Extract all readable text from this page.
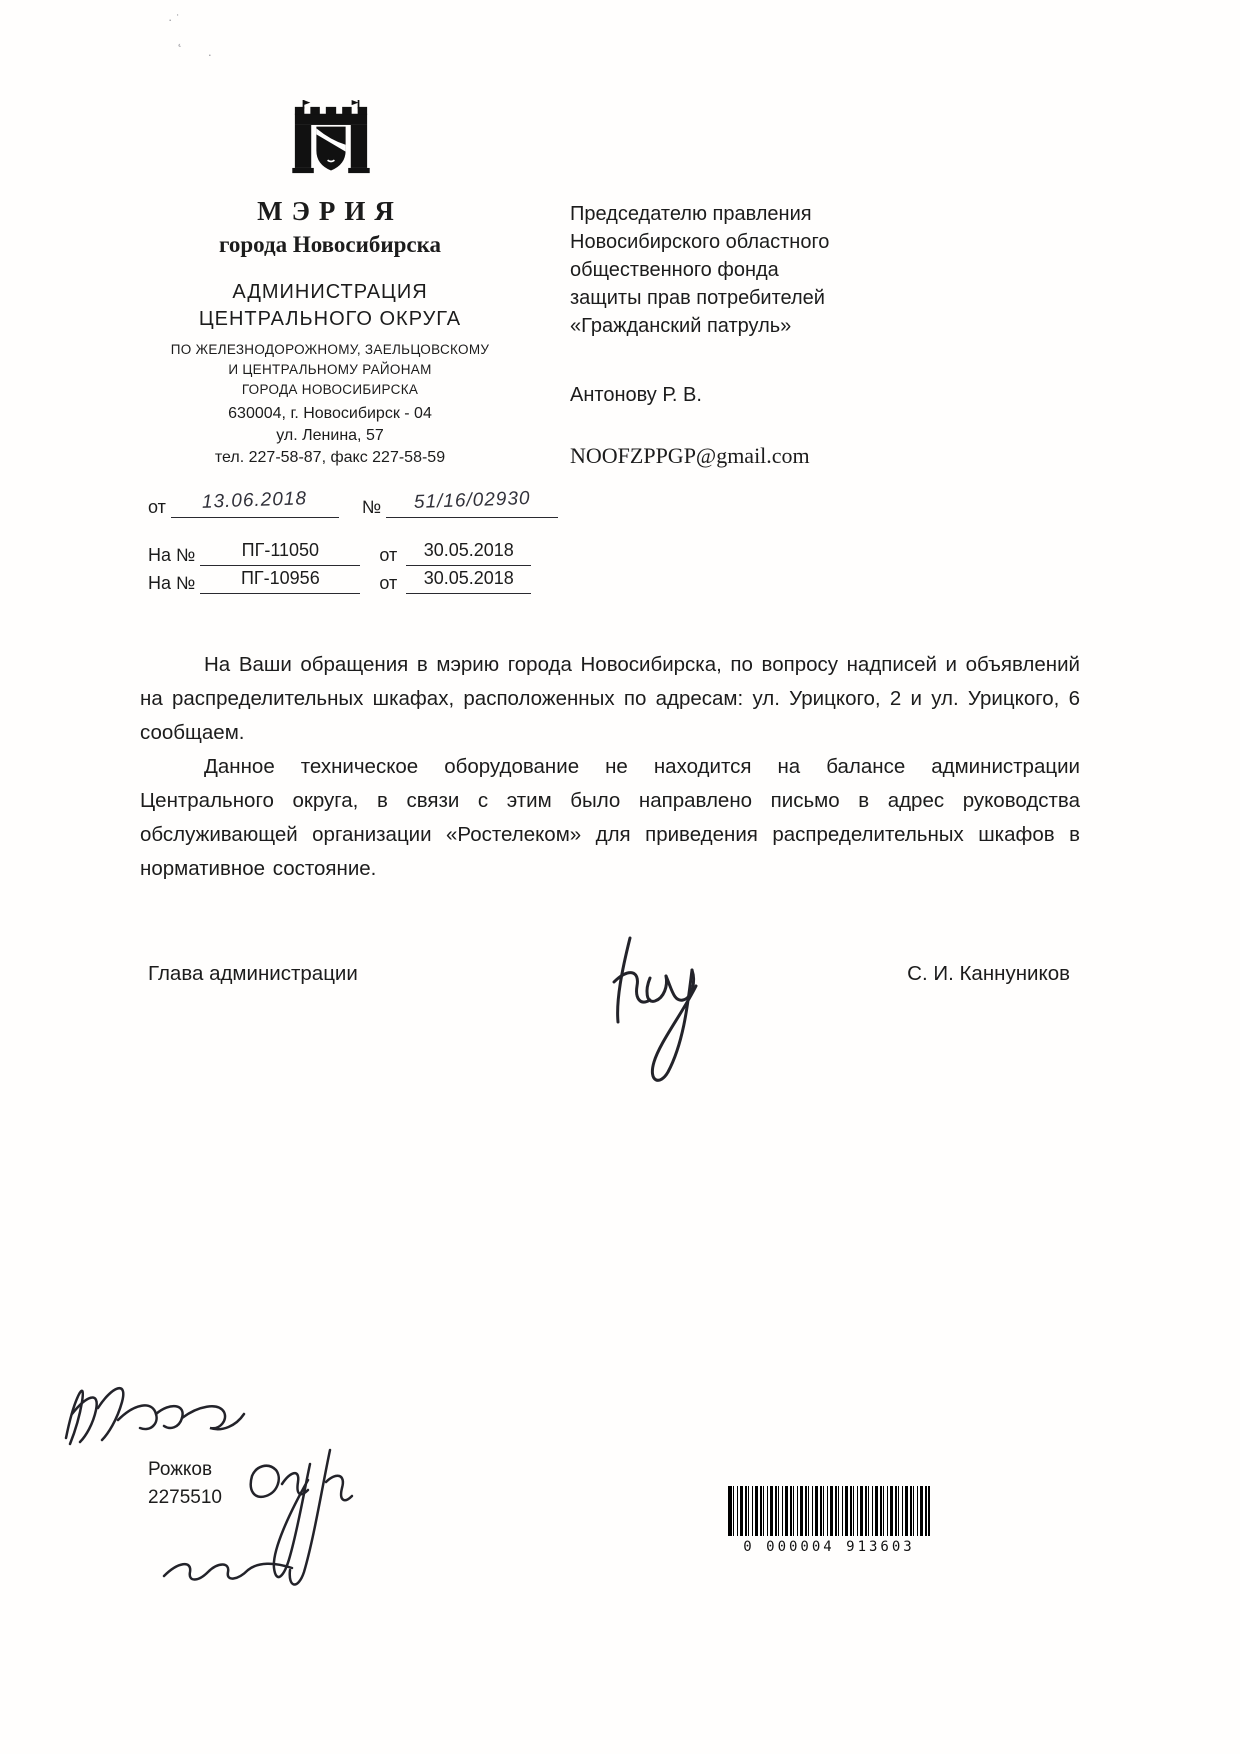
· ˙
˛
.
МЭРИЯ
города Новосибирска
АДМИНИСТРАЦИЯ
ЦЕНТРАЛЬНОГО ОКРУГА
ПО ЖЕЛЕЗНОДОРОЖНОМУ, ЗАЕЛЬЦОВСКОМУ
И ЦЕНТРАЛЬНОМУ РАЙОНАМ
ГОРОДА НОВОСИБИРСКА
630004, г. Новосибирск - 04
ул. Ленина, 57
тел. 227-58-87, факс 227-58-59
от 13.06.2018	№ 51/16/02930
На №	ПГ-11050	от 30.05.2018
На №	ПГ-10956	от 30.05.2018
Председателю правления
Новосибирского областного
общественного фонда
защиты прав потребителей
«Гражданский патруль»
Антонову Р. В.
NOOFZPPGP@gmail.com

На Ваши обращения в мэрию города Новосибирска, по вопросу надписей и объявлений на распределительных шкафах, расположенных по адресам: ул. Урицкого, 2 и ул. Урицкого, 6 сообщаем.

Данное техническое оборудование не находится на балансе администрации Центрального округа, в связи с этим было направлено письмо в адрес руководства обслуживающей организации «Ростелеком» для приведения распределительных шкафов в нормативное состояние.

Глава администрации	С. И. Каннуников
Рожков
2275510
0 000004 913603
